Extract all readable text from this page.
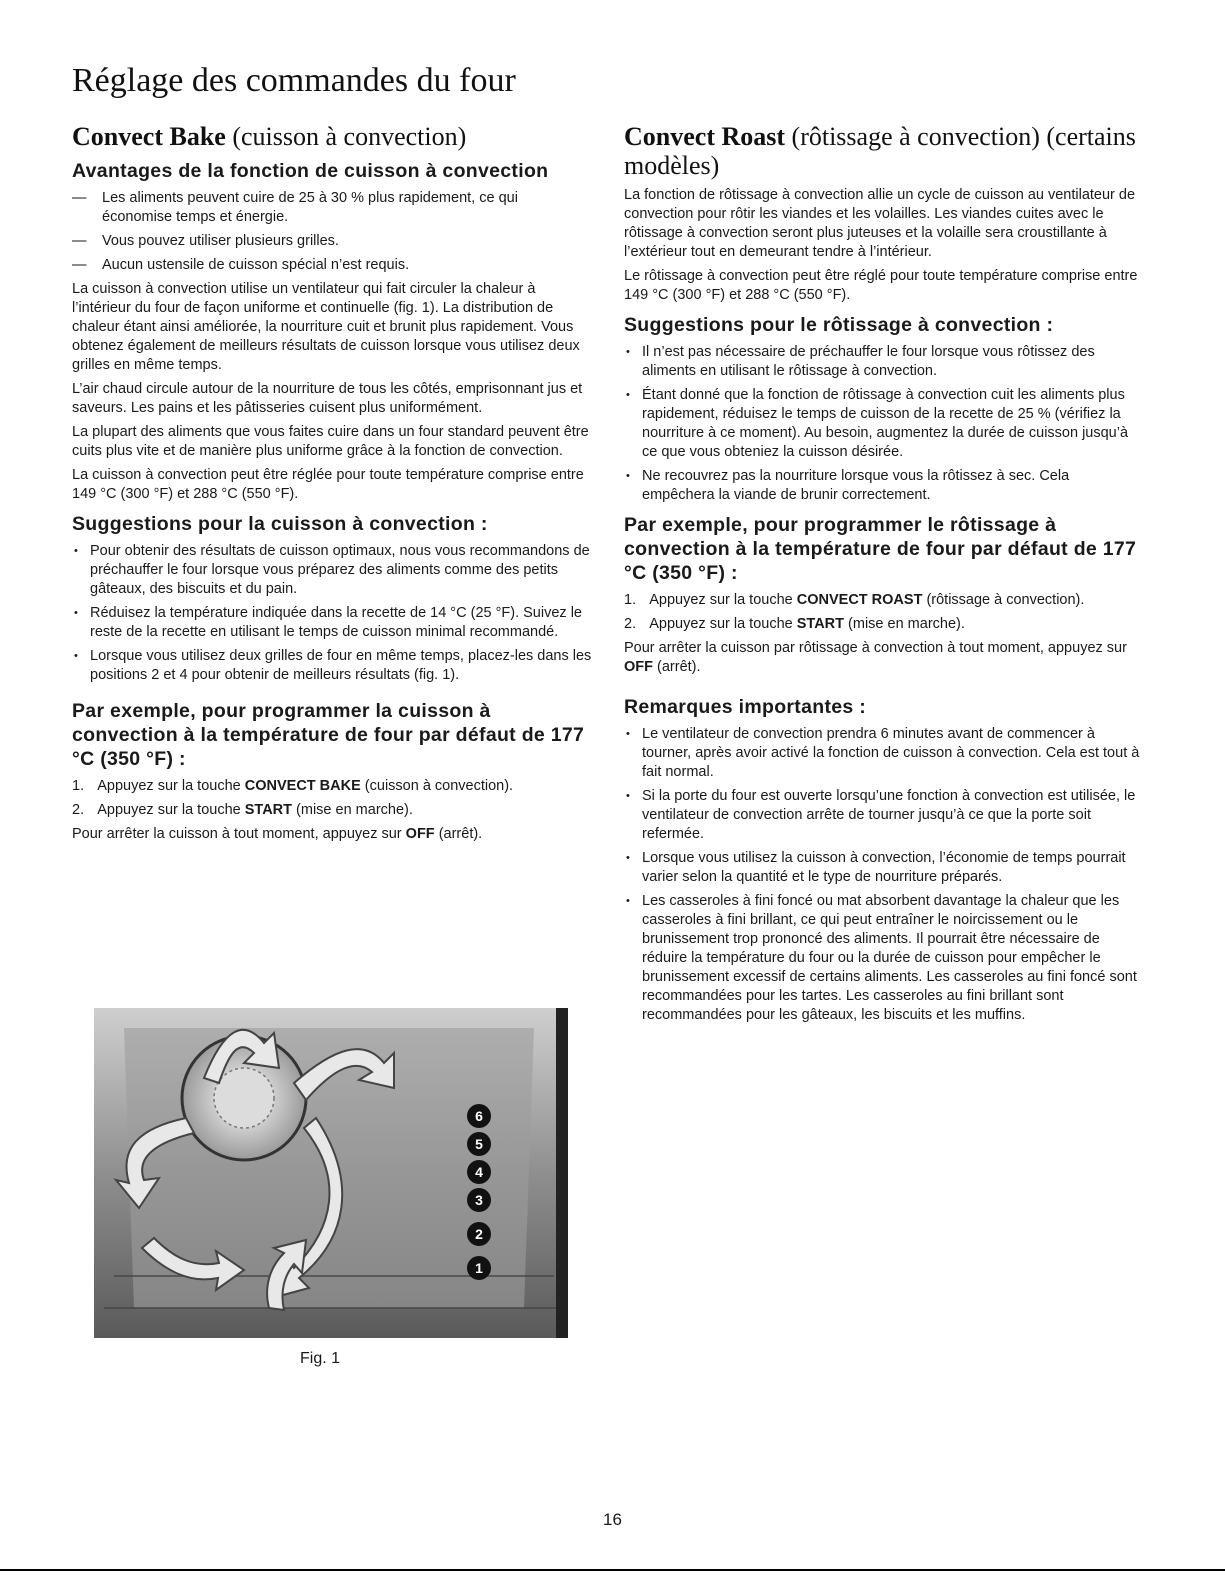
Réglage des commandes du four
Convect Bake (cuisson à convection)
Avantages de la fonction de cuisson à convection
— Les aliments peuvent cuire de 25 à 30 % plus rapidement, ce qui économise temps et énergie.
— Vous pouvez utiliser plusieurs grilles.
— Aucun ustensile de cuisson spécial n’est requis.

La cuisson à convection utilise un ventilateur qui fait circuler la chaleur à l’intérieur du four de façon uniforme et continuelle (fig. 1). La distribution de chaleur étant ainsi améliorée, la nourriture cuit et brunit plus rapidement. Vous obtenez également de meilleurs résultats de cuisson lorsque vous utilisez deux grilles en même temps.

L’air chaud circule autour de la nourriture de tous les côtés, emprisonnant jus et saveurs. Les pains et les pâtisseries cuisent plus uniformément.

La plupart des aliments que vous faites cuire dans un four standard peuvent être cuits plus vite et de manière plus uniforme grâce à la fonction de convection.

La cuisson à convection peut être réglée pour toute température comprise entre 149 °C (300 °F) et 288 °C (550 °F).

Suggestions pour la cuisson à convection :
• Pour obtenir des résultats de cuisson optimaux, nous vous recommandons de préchauffer le four lorsque vous préparez des aliments comme des petits gâteaux, des biscuits et du pain.
• Réduisez la température indiquée dans la recette de 14 °C (25 °F). Suivez le reste de la recette en utilisant le temps de cuisson minimal recommandé.
• Lorsque vous utilisez deux grilles de four en même temps, placez-les dans les positions 2 et 4 pour obtenir de meilleurs résultats (fig. 1).
Par exemple, pour programmer la cuisson à convection à la température de four par défaut de 177 °C (350 °F) :
1. Appuyez sur la touche CONVECT BAKE (cuisson à convection).
2. Appuyez sur la touche START (mise en marche).

Pour arrêter la cuisson à tout moment, appuyez sur OFF (arrêt).

6
5
4
3
2
1
Fig. 1
Convect Roast (rôtissage à convection) (certains modèles)

La fonction de rôtissage à convection allie un cycle de cuisson au ventilateur de convection pour rôtir les viandes et les volailles. Les viandes cuites avec le rôtissage à convection seront plus juteuses et la volaille sera croustillante à l’extérieur tout en demeurant tendre à l’intérieur.

Le rôtissage à convection peut être réglé pour toute température comprise entre 149 °C (300 °F) et 288 °C (550 °F).

Suggestions pour le rôtissage à convection :
• Il n’est pas nécessaire de préchauffer le four lorsque vous rôtissez des aliments en utilisant le rôtissage à convection.
• Étant donné que la fonction de rôtissage à convection cuit les aliments plus rapidement, réduisez le temps de cuisson de la recette de 25 % (vérifiez la nourriture à ce moment). Au besoin, augmentez la durée de cuisson jusqu’à ce que vous obteniez la cuisson désirée.
• Ne recouvrez pas la nourriture lorsque vous la rôtissez à sec. Cela empêchera la viande de brunir correctement.
Par exemple, pour programmer le rôtissage à convection à la température de four par défaut de 177 °C (350 °F) :
1. Appuyez sur la touche CONVECT ROAST (rôtissage à convection).
2. Appuyez sur la touche START (mise en marche).

Pour arrêter la cuisson par rôtissage à convection à tout moment, appuyez sur OFF (arrêt).

Remarques importantes :
• Le ventilateur de convection prendra 6 minutes avant de commencer à tourner, après avoir activé la fonction de cuisson à convection. Cela est tout à fait normal.
• Si la porte du four est ouverte lorsqu’une fonction à convection est utilisée, le ventilateur de convection arrête de tourner jusqu’à ce que la porte soit refermée.
• Lorsque vous utilisez la cuisson à convection, l’économie de temps pourrait varier selon la quantité et le type de nourriture préparés.
• Les casseroles à fini foncé ou mat absorbent davantage la chaleur que les casseroles à fini brillant, ce qui peut entraîner le noircissement ou le brunissement trop prononcé des aliments. Il pourrait être nécessaire de réduire la température du four ou la durée de cuisson pour empêcher le brunissement excessif de certains aliments. Les casseroles au fini foncé sont recommandées pour les tartes. Les casseroles au fini brillant sont recommandées pour les gâteaux, les biscuits et les muffins.
16
